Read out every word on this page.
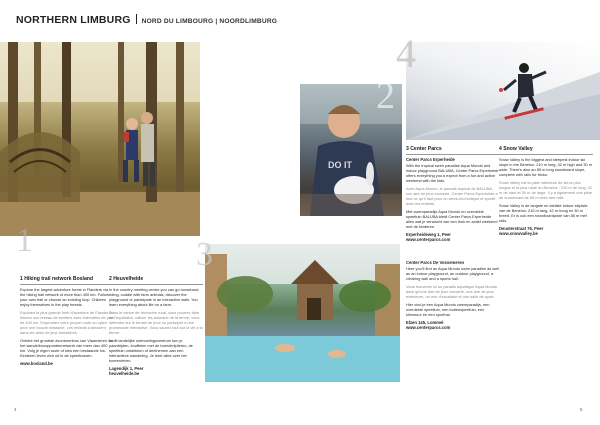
NORTHERN LIMBURG NORD DU LIMBOURG | NOORDLIMBURG
DO IT
1
2
3
4
1 Hiking trail network Bosland

Explore the largest adventure forest in Flanders via the hiking trail network of more than 400 km. Follow your own trail or choose an existing loop. Children enjoy themselves in the play forests.

Explorez la plus grande forêt d’aventure de Flandre à travers son réseau de sentiers avec intervalles de plus de 400 km. Empruntez votre propre route ou optez pour une boucle existante. Les enfants s’amusent dans les aires de jeux forestières.

Ontdek het grootste avonturenbos van Vlaanderen via het wandelknooppuntennetwerk van meer dan 400 km. Volg je eigen route of kies een bestaande lus. Kinderen leven zich uit in de speelbossen.

www.bosland.be
2 Heuvelheide

In the country meeting centre you can go horseback riding, cuddle with farm animals, discover the playground or participate in an interactive walk. You learn everything about life on a farm.

Dans le centre de rencontre rural, vous pourrez faire de l’équitation, câliner les animaux de la ferme, vous détendre sur le terrain de jeux ou participer à une promenade interactive. Vous saurez tout sur la vie à la ferme.

In dit landelijke ontmoetingscentrum kun je paardrijden, knuffelen met de boerderijdieren, de speeltuin ontdekken of deelnemen aan een interactieve wandeling. Je leert alles over het boerenleven.

Lagendijk 1, Peer
heuvelheide.be
3 Center Parcs
Center Parcs Erperheide

With the tropical swim paradise Aqua Mundo and indoor playground BALUBA, Center Parcs Erperheide offers everything you’d expect from a fun and active weekend with the kids.

Avec Aqua Mundo, le paradis tropical de BALUBA, son aire de jeux couverte, Center Parcs Erperheide a tout ce qu’il faut pour un week-end ludique et sportif avec les enfants.

Met zwemparadijs Aqua Mundo en overdekte speeltuin BALUBA biedt Center Parcs Erperheide alles wat je verwacht van een leuk en actief weekend met de kinderen.

Erperheideweg 1, Peer
www.centerparcs.com
4 Snow Valley

Snow Valley is the biggest and steepest indoor ski slope in the Benelux: 210 m long, 42 m high and 30 m wide. There’s also an 85 m long snowboard slope, complete with rails for tricks.

Snow Valley est la piste intérieure de ski la plus longue et la plus raide du Benelux : 210 m de long, 42 m de haut et 30 m de large. Il y a également une piste de snowboard de 85 m avec des rails.

Snow Valley is de langste en steilste indoor skipiste van de Benelux: 210 m lang, 42 m hoog en 30 m breed. Er is ook een snowboardpiste van 85 m met rails.

Deusterstraat 76, Peer
www.snowvalley.be
Center Parcs De Vossemeren

Here you’ll find an Aqua Mundo swim paradise as well as an indoor playground, an outdoor playground, a climbing wall and a sports hall.

Vous trouverez ici un paradis aquatique Aqua Mundo ainsi qu’une aire de jeux couverte, une aire de jeux extérieure, un mur d’escalade et une salle de sport.

Hier vind je een Aqua Mundo zwemparadijs, een overdekte speeltuin, een buitenspeeltuin, een klimmuur en een sporthal.

Elzen 145, Lommel
www.centerparcs.com
4	5
